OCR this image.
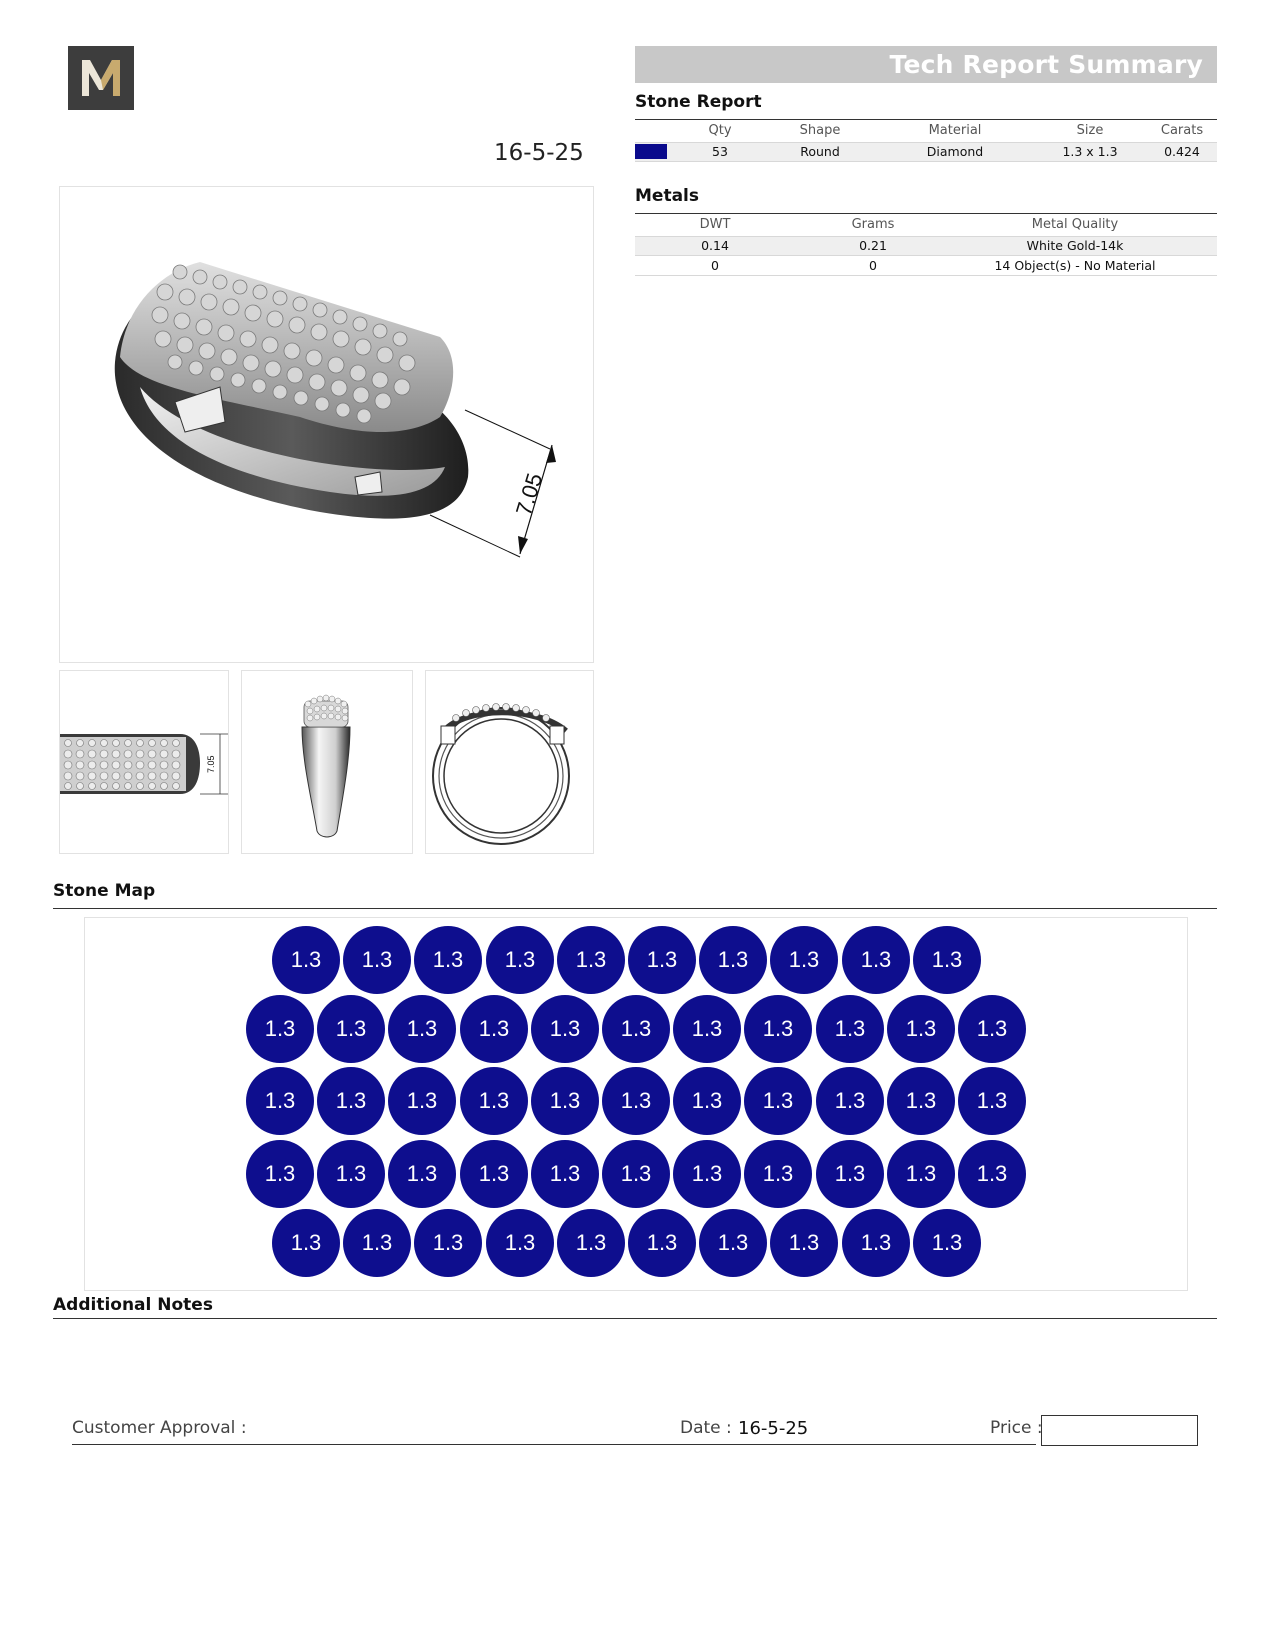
16-5-25
Tech Report Summary
Stone Report
Qty	Shape	Material	Size	Carats
53	Round	Diamond	1.3 x 1.3	0.424
Metals
DWT	Grams	Metal Quality
0.14	0.21	White Gold-14k
0	0	14 Object(s) - No Material
7.05
7.05
Stone Map
1.3	1.3	1.3	1.3	1.3	1.3	1.3	1.3	1.3	1.3
1.3	1.3	1.3	1.3	1.3	1.3	1.3	1.3	1.3	1.3	1.3
1.3	1.3	1.3	1.3	1.3	1.3	1.3	1.3	1.3	1.3	1.3
1.3	1.3	1.3	1.3	1.3	1.3	1.3	1.3	1.3	1.3	1.3
1.3	1.3	1.3	1.3	1.3	1.3	1.3	1.3	1.3	1.3
Additional Notes
Customer Approval :	Date : 16-5-25	Price :
